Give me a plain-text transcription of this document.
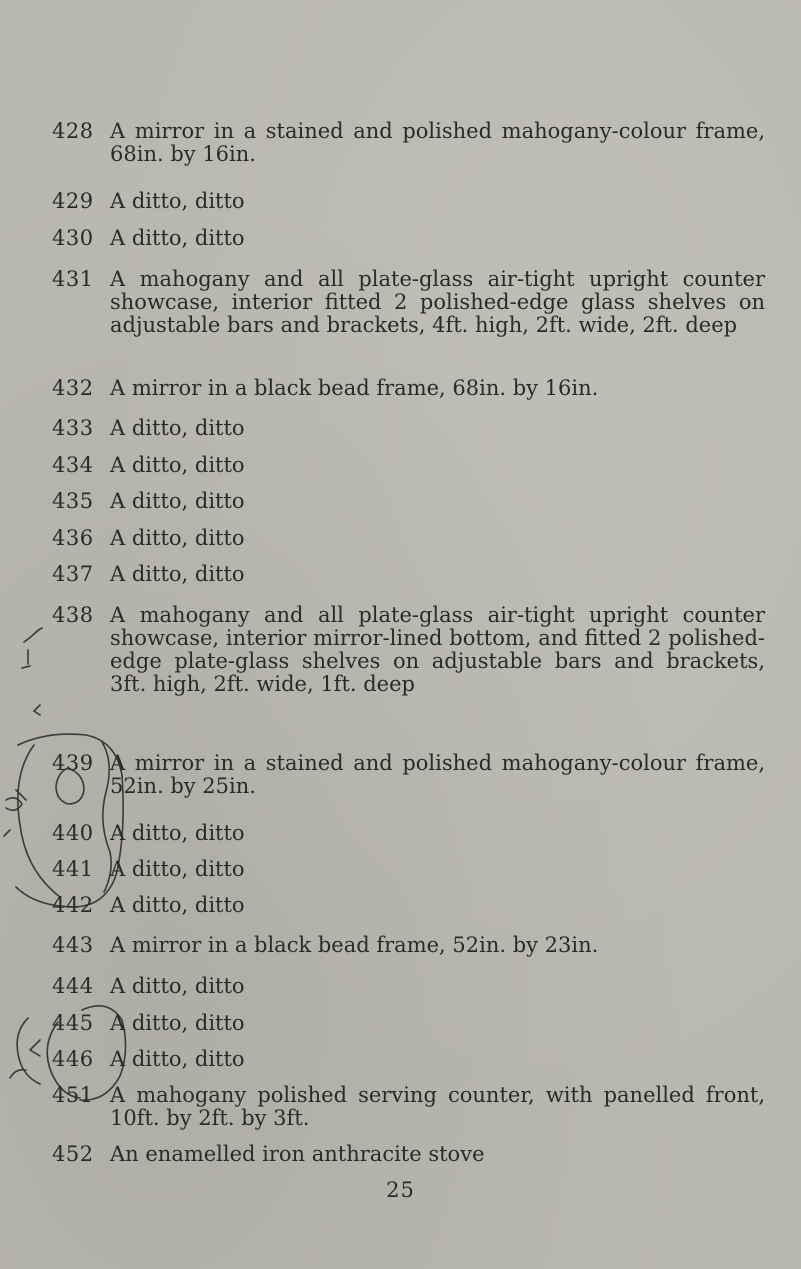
428 A mirror in a stained and polished mahogany-colour frame, 68in. by 16in.
429 A ditto, ditto
430 A ditto, ditto
431 A mahogany and all plate-glass air-tight upright counter showcase, interior fitted 2 polished-edge glass shelves on adjustable bars and brackets, 4ft. high, 2ft. wide, 2ft. deep
432 A mirror in a black bead frame, 68in. by 16in.
433 A ditto, ditto
434 A ditto, ditto
435 A ditto, ditto
436 A ditto, ditto
437 A ditto, ditto
438 A mahogany and all plate-glass air-tight upright counter showcase, interior mirror-lined bottom, and fitted 2 polished-edge plate-glass shelves on adjustable bars and brackets, 3ft. high, 2ft. wide, 1ft. deep
439 A mirror in a stained and polished mahogany-colour frame, 52in. by 25in.
440 A ditto, ditto
441 A ditto, ditto
442 A ditto, ditto
443 A mirror in a black bead frame, 52in. by 23in.
444 A ditto, ditto
445 A ditto, ditto
446 A ditto, ditto
451 A mahogany polished serving counter, with panelled front, 10ft. by 2ft. by 3ft.
452 An enamelled iron anthracite stove
25
